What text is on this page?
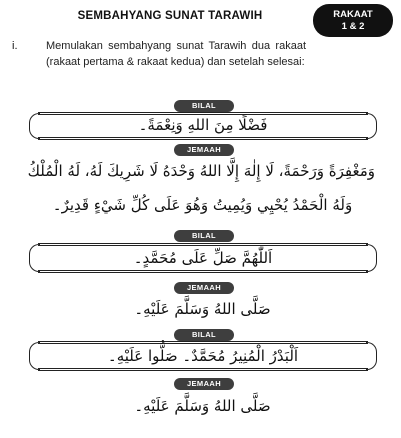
SEMBAHYANG SUNAT TARAWIH	RAKAAT
1 & 2
i.	Memulakan sembahyang sunat Tarawih dua rakaat (rakaat pertama & rakaat kedua) dan setelah selesai:
BILAL
فَضْلًا مِنَ اللهِ وَنِعْمَةً۔
JEMAAH
وَمَغْفِرَةً وَرَحْمَةً، لَا إِلٰهَ إِلَّا اللهُ وَحْدَهُ لَا شَرِيكَ لَهُ، لَهُ الْمُلْكُ
وَلَهُ الْحَمْدُ يُحْيِي وَيُمِيتُ وَهُوَ عَلَى كُلِّ شَيْءٍ قَدِيرٌ۔
BILAL
اَللّٰهُمَّ صَلِّ عَلَى مُحَمَّدٍ۔
JEMAAH
صَلَّى اللهُ وَسَلَّمَ عَلَيْهِ۔
BILAL
اَلْبَدْرُ الْمُنِيرُ مُحَمَّدٌ۔ صَلُّوا عَلَيْهِ۔
JEMAAH
صَلَّى اللهُ وَسَلَّمَ عَلَيْهِ۔
